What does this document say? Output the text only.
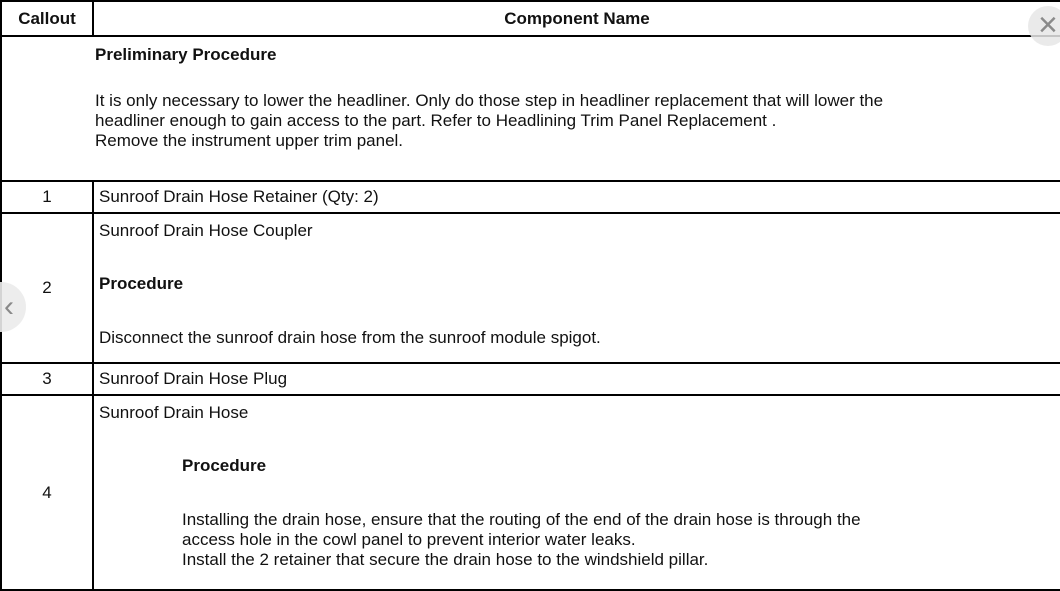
Callout	Component Name

Preliminary Procedure
It is only necessary to lower the headliner. Only do those step in headliner replacement that will lower the
headliner enough to gain access to the part. Refer to Headlining Trim Panel Replacement .
Remove the instrument upper trim panel.	

1	Sunroof Drain Hose Retainer (Qty: 2)
2	Sunroof Drain Hose Coupler
Procedure
Disconnect the sunroof drain hose from the sunroof module spigot.

3	Sunroof Drain Hose Plug
4	Sunroof Drain Hose
Procedure
Installing the drain hose, ensure that the routing of the end of the drain hose is through the
access hole in the cowl panel to prevent interior water leaks.
Install the 2 retainer that secure the drain hose to the windshield pillar.
×
‹
